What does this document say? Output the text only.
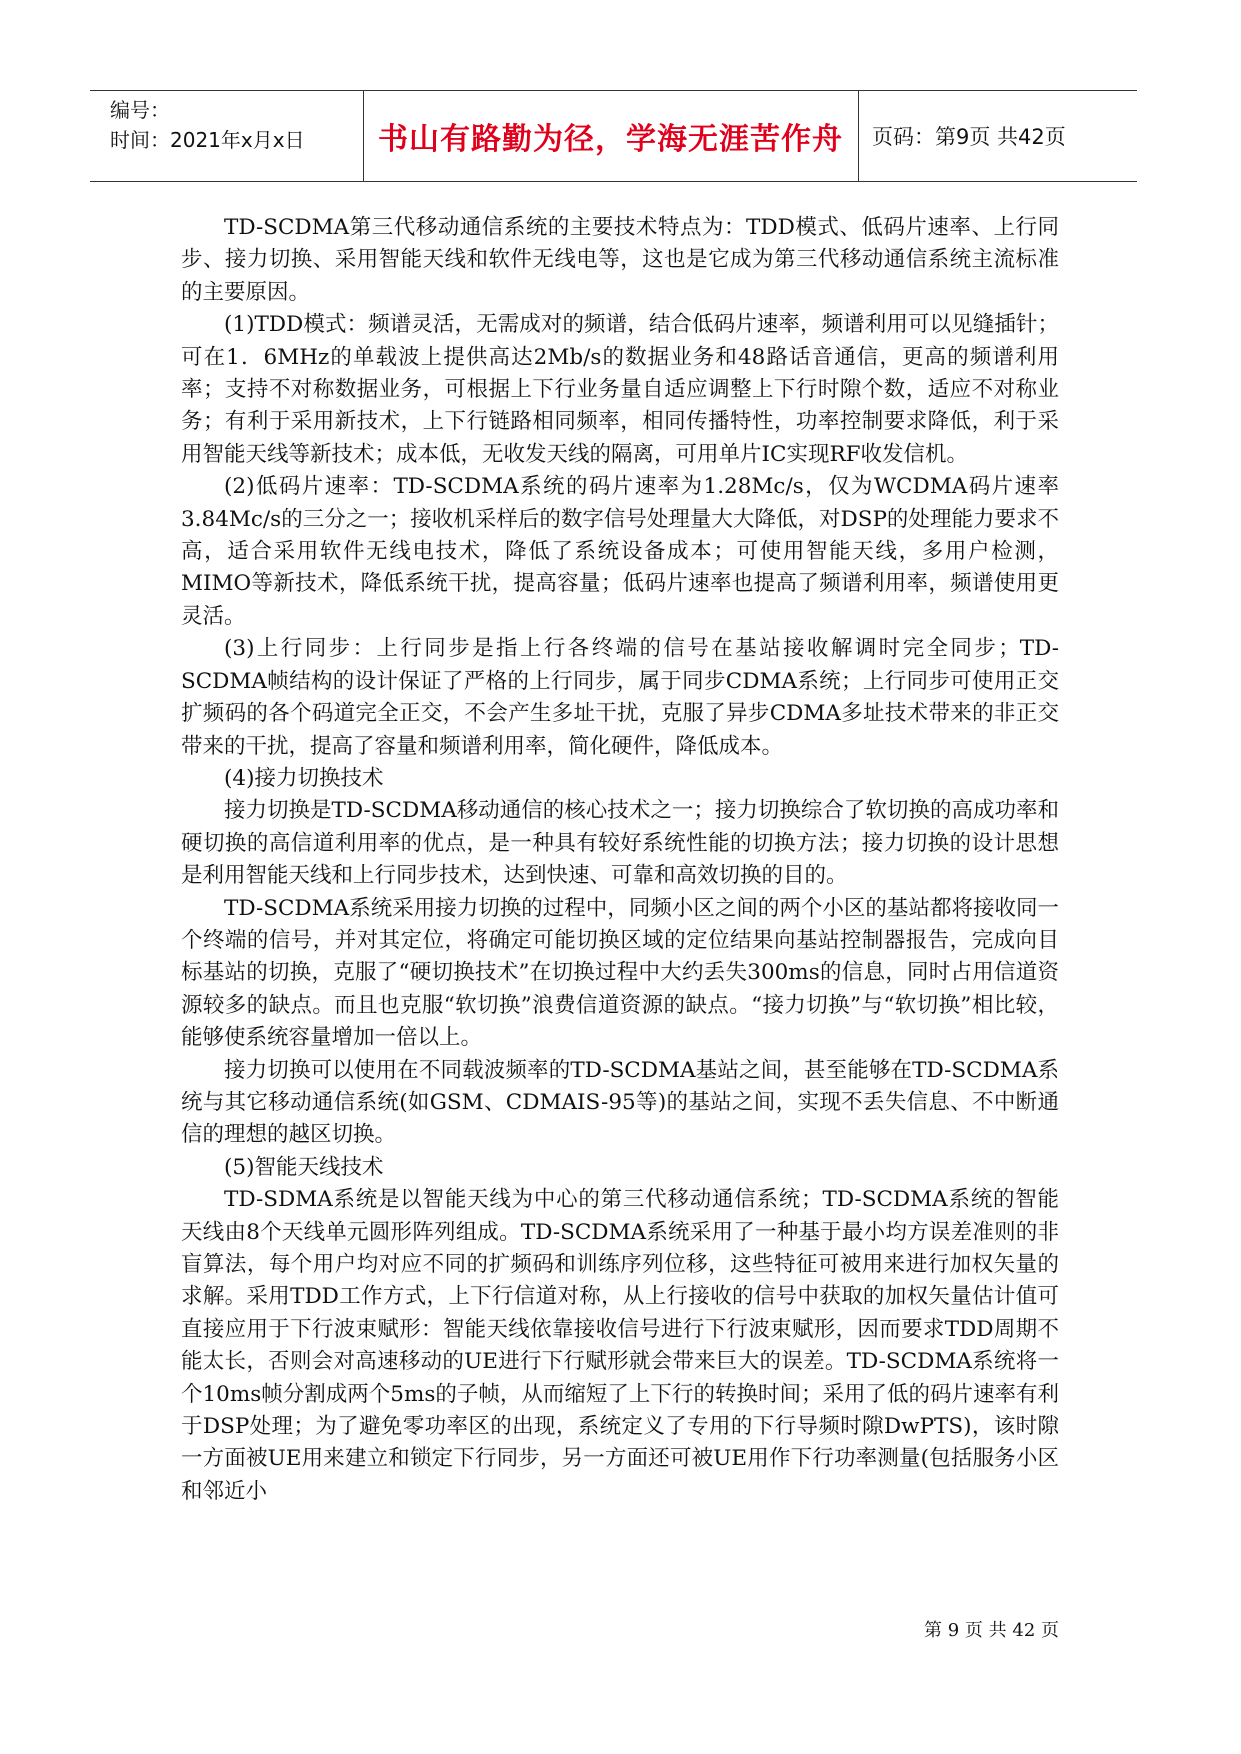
编号：
时间：2021年x月x日	书山有路勤为径，学海无涯苦作舟	页码：第9页 共42页

TD-SCDMA第三代移动通信系统的主要技术特点为：TDD模式、低码片速率、上行同步、接力切换、采用智能天线和软件无线电等，这也是它成为第三代移动通信系统主流标准的主要原因。

(1)TDD模式：频谱灵活，无需成对的频谱，结合低码片速率，频谱利用可以见缝插针；可在1．6MHz的单载波上提供高达2Mb/s的数据业务和48路话音通信，更高的频谱利用率；支持不对称数据业务，可根据上下行业务量自适应调整上下行时隙个数，适应不对称业务；有利于采用新技术，上下行链路相同频率，相同传播特性，功率控制要求降低，利于采用智能天线等新技术；成本低，无收发天线的隔离，可用单片IC实现RF收发信机。

(2)低码片速率：TD-SCDMA系统的码片速率为1.28Mc/s，仅为WCDMA码片速率3.84Mc/s的三分之一；接收机采样后的数字信号处理量大大降低，对DSP的处理能力要求不高，适合采用软件无线电技术，降低了系统设备成本；可使用智能天线，多用户检测，MIMO等新技术，降低系统干扰，提高容量；低码片速率也提高了频谱利用率，频谱使用更灵活。

(3)上行同步：上行同步是指上行各终端的信号在基站接收解调时完全同步；TD-SCDMA帧结构的设计保证了严格的上行同步，属于同步CDMA系统；上行同步可使用正交扩频码的各个码道完全正交，不会产生多址干扰，克服了异步CDMA多址技术带来的非正交带来的干扰，提高了容量和频谱利用率，简化硬件，降低成本。

(4)接力切换技术

接力切换是TD-SCDMA移动通信的核心技术之一；接力切换综合了软切换的高成功率和硬切换的高信道利用率的优点，是一种具有较好系统性能的切换方法；接力切换的设计思想是利用智能天线和上行同步技术，达到快速、可靠和高效切换的目的。

TD-SCDMA系统采用接力切换的过程中，同频小区之间的两个小区的基站都将接收同一个终端的信号，并对其定位，将确定可能切换区域的定位结果向基站控制器报告，完成向目标基站的切换，克服了“硬切换技术”在切换过程中大约丢失300ms的信息，同时占用信道资源较多的缺点。而且也克服“软切换”浪费信道资源的缺点。“接力切换”与“软切换”相比较，能够使系统容量增加一倍以上。

接力切换可以使用在不同载波频率的TD-SCDMA基站之间，甚至能够在TD-SCDMA系统与其它移动通信系统(如GSM、CDMAIS-95等)的基站之间，实现不丢失信息、不中断通信的理想的越区切换。

(5)智能天线技术

TD-SDMA系统是以智能天线为中心的第三代移动通信系统；TD-SCDMA系统的智能天线由8个天线单元圆形阵列组成。TD-SCDMA系统采用了一种基于最小均方误差准则的非盲算法，每个用户均对应不同的扩频码和训练序列位移，这些特征可被用来进行加权矢量的求解。采用TDD工作方式，上下行信道对称，从上行接收的信号中获取的加权矢量估计值可直接应用于下行波束赋形：智能天线依靠接收信号进行下行波束赋形，因而要求TDD周期不能太长，否则会对高速移动的UE进行下行赋形就会带来巨大的误差。TD-SCDMA系统将一个10ms帧分割成两个5ms的子帧，从而缩短了上下行的转换时间；采用了低的码片速率有利于DSP处理；为了避免零功率区的出现，系统定义了专用的下行导频时隙DwPTS)，该时隙一方面被UE用来建立和锁定下行同步，另一方面还可被UE用作下行功率测量(包括服务小区和邻近小

第 9 页 共 42 页
